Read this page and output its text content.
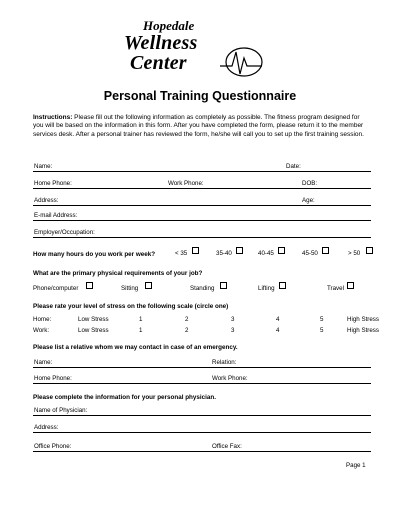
Hopedale
Wellness
Center
Personal Training Questionnaire
Instructions: Please fill out the following information as completely as possible. The fitness program designed for you will be based on the information in this form. After you have completed the form, please return it to the member services desk. After a personal trainer has reviewed the form, he/she will call you to set up the first training session.
Name:	Date:
Home Phone:	Work Phone:	DOB:
Address:	Age:
E-mail Address:
Employer/Occupation:
How many hours do you work per week?	< 35	35-40	40-45	45-50	> 50
What are the primary physical requirements of your job?
Phone/computer	Sitting	Standing	Lifting	Travel
Please rate your level of stress on the following scale (circle one)
Home:	Low Stress	1	2	3	4	5	High Stress
Work:	Low Stress	1	2	3	4	5	High Stress
Please list a relative whom we may contact in case of an emergency.
Name:	Relation:
Home Phone:	Work Phone:
Please complete the information for your personal physician.
Name of Physician:
Address:
Office Phone:	Office Fax:
Page 1
